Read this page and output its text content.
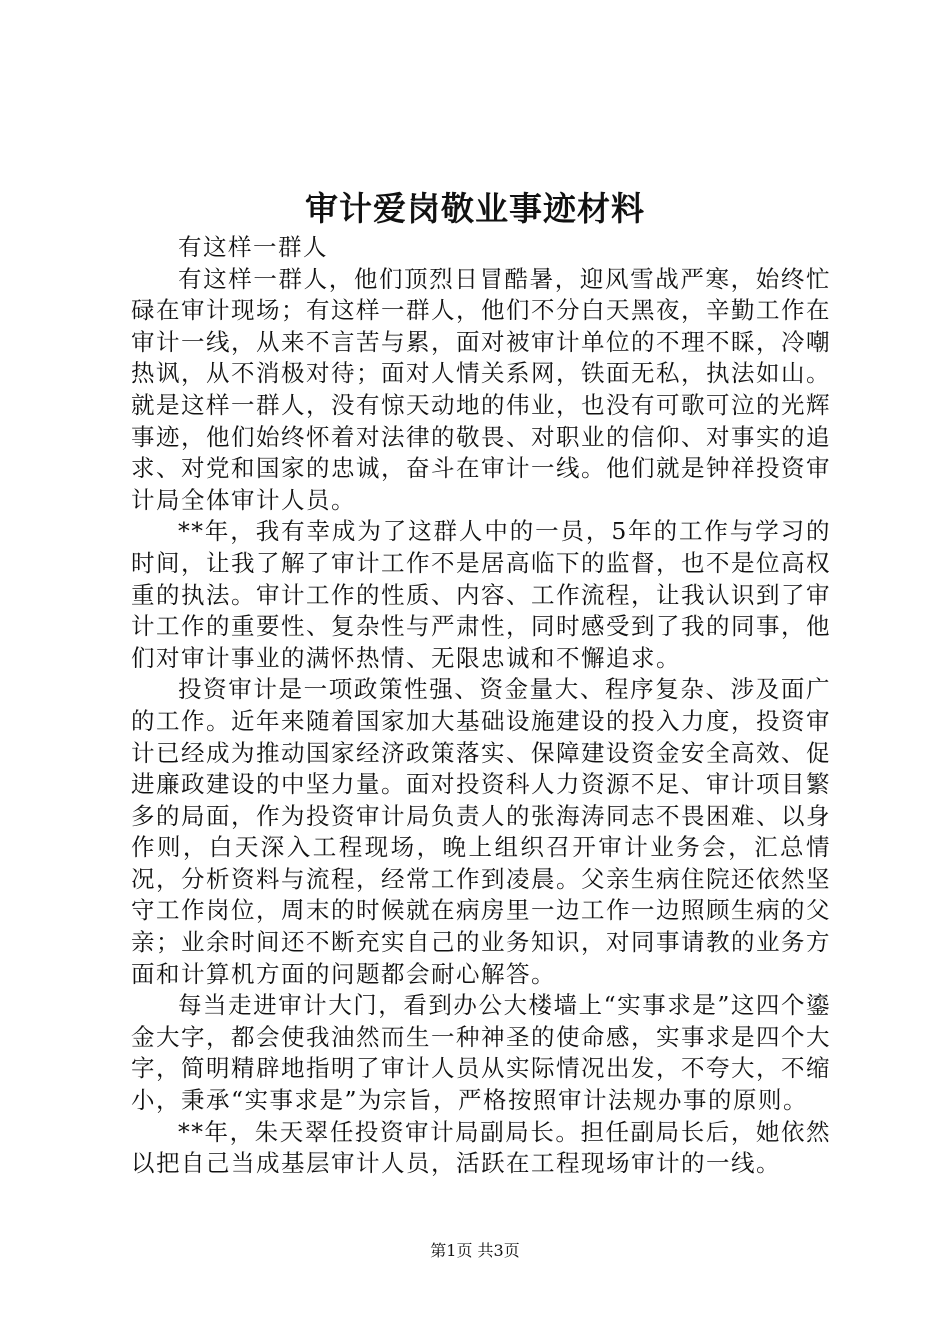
审计爱岗敬业事迹材料

有这样一群人

有这样一群人，他们顶烈日冒酷暑，迎风雪战严寒，始终忙碌在审计现场；有这样一群人，他们不分白天黑夜，辛勤工作在审计一线，从来不言苦与累，面对被审计单位的不理不睬，冷嘲热讽，从不消极对待；面对人情关系网，铁面无私，执法如山。就是这样一群人，没有惊天动地的伟业，也没有可歌可泣的光辉事迹，他们始终怀着对法律的敬畏、对职业的信仰、对事实的追求、对党和国家的忠诚，奋斗在审计一线。他们就是钟祥投资审计局全体审计人员。

**年，我有幸成为了这群人中的一员，5年的工作与学习的时间，让我了解了审计工作不是居高临下的监督，也不是位高权重的执法。审计工作的性质、内容、工作流程，让我认识到了审计工作的重要性、复杂性与严肃性，同时感受到了我的同事，他们对审计事业的满怀热情、无限忠诚和不懈追求。

投资审计是一项政策性强、资金量大、程序复杂、涉及面广的工作。近年来随着国家加大基础设施建设的投入力度，投资审计已经成为推动国家经济政策落实、保障建设资金安全高效、促进廉政建设的中坚力量。面对投资科人力资源不足、审计项目繁多的局面，作为投资审计局负责人的张海涛同志不畏困难、以身作则，白天深入工程现场，晚上组织召开审计业务会，汇总情况，分析资料与流程，经常工作到凌晨。父亲生病住院还依然坚守工作岗位，周末的时候就在病房里一边工作一边照顾生病的父亲；业余时间还不断充实自己的业务知识，对同事请教的业务方面和计算机方面的问题都会耐心解答。

每当走进审计大门，看到办公大楼墙上“实事求是”这四个鎏金大字，都会使我油然而生一种神圣的使命感，实事求是四个大字，简明精辟地指明了审计人员从实际情况出发，不夸大，不缩小，秉承“实事求是”为宗旨，严格按照审计法规办事的原则。

**年，朱天翠任投资审计局副局长。担任副局长后，她依然以把自己当成基层审计人员，活跃在工程现场审计的一线。

第1页 共3页
